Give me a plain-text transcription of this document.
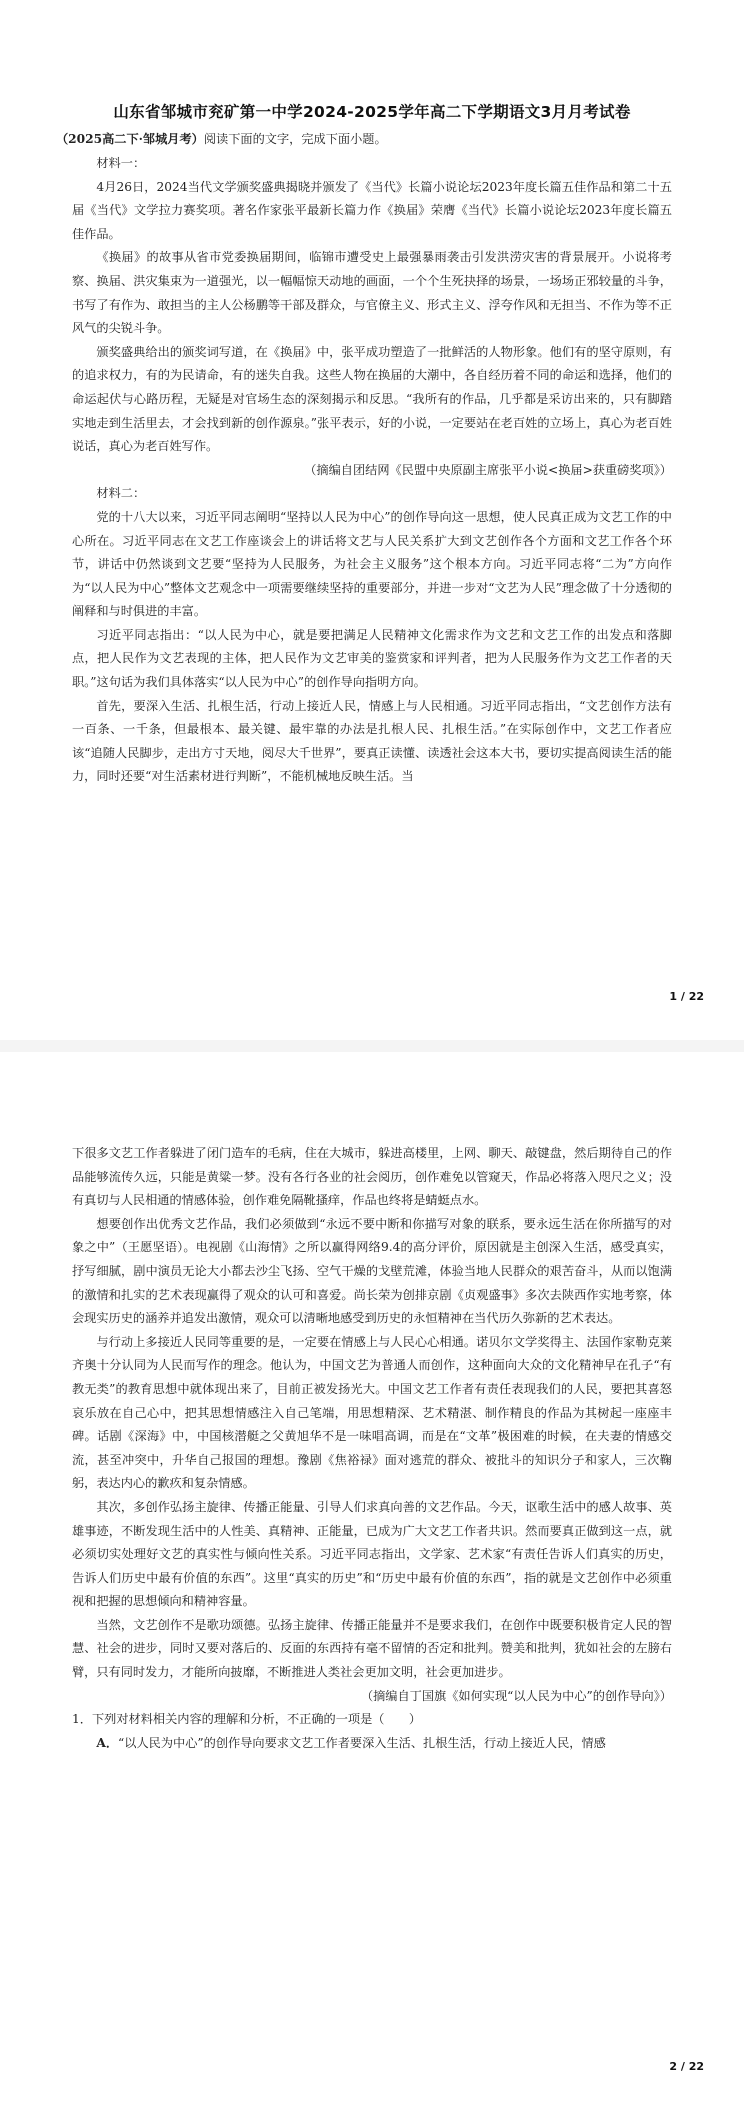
山东省邹城市兖矿第一中学2024-2025学年高二下学期语文3月月考试卷

（2025高二下·邹城月考）阅读下面的文字，完成下面小题。

材料一：

4月26日，2024当代文学颁奖盛典揭晓并颁发了《当代》长篇小说论坛2023年度长篇五佳作品和第二十五届《当代》文学拉力赛奖项。著名作家张平最新长篇力作《换届》荣膺《当代》长篇小说论坛2023年度长篇五佳作品。

《换届》的故事从省市党委换届期间，临锦市遭受史上最强暴雨袭击引发洪涝灾害的背景展开。小说将考察、换届、洪灾集束为一道强光，以一幅幅惊天动地的画面，一个个生死抉择的场景，一场场正邪较量的斗争，书写了有作为、敢担当的主人公杨鹏等干部及群众，与官僚主义、形式主义、浮夸作风和无担当、不作为等不正风气的尖锐斗争。

颁奖盛典给出的颁奖词写道，在《换届》中，张平成功塑造了一批鲜活的人物形象。他们有的坚守原则，有的追求权力，有的为民请命，有的迷失自我。这些人物在换届的大潮中，各自经历着不同的命运和选择，他们的命运起伏与心路历程，无疑是对官场生态的深刻揭示和反思。“我所有的作品，几乎都是采访出来的，只有脚踏实地走到生活里去，才会找到新的创作源泉。”张平表示，好的小说，一定要站在老百姓的立场上，真心为老百姓说话，真心为老百姓写作。

（摘编自团结网《民盟中央原副主席张平小说<换届>获重磅奖项》）

材料二：

党的十八大以来，习近平同志阐明“坚持以人民为中心”的创作导向这一思想，使人民真正成为文艺工作的中心所在。习近平同志在文艺工作座谈会上的讲话将文艺与人民关系扩大到文艺创作各个方面和文艺工作各个环节，讲话中仍然谈到文艺要“坚持为人民服务，为社会主义服务”这个根本方向。习近平同志将“二为”方向作为“以人民为中心”整体文艺观念中一项需要继续坚持的重要部分，并进一步对“文艺为人民”理念做了十分透彻的阐释和与时俱进的丰富。

习近平同志指出：“以人民为中心，就是要把满足人民精神文化需求作为文艺和文艺工作的出发点和落脚点，把人民作为文艺表现的主体，把人民作为文艺审美的鉴赏家和评判者，把为人民服务作为文艺工作者的天职。”这句话为我们具体落实“以人民为中心”的创作导向指明方向。

首先，要深入生活、扎根生活，行动上接近人民，情感上与人民相通。习近平同志指出，“文艺创作方法有一百条、一千条，但最根本、最关键、最牢靠的办法是扎根人民、扎根生活。”在实际创作中，文艺工作者应该“追随人民脚步，走出方寸天地，阅尽大千世界”，要真正读懂、读透社会这本大书，要切实提高阅读生活的能力，同时还要“对生活素材进行判断”，不能机械地反映生活。当

1 / 22

下很多文艺工作者躲进了闭门造车的毛病，住在大城市，躲进高楼里，上网、聊天、敲键盘，然后期待自己的作品能够流传久远，只能是黄粱一梦。没有各行各业的社会阅历，创作难免以管窥天，作品必将落入咫尺之义；没有真切与人民相通的情感体验，创作难免隔靴搔痒，作品也终将是蜻蜓点水。

想要创作出优秀文艺作品，我们必须做到“永远不要中断和你描写对象的联系，要永远生活在你所描写的对象之中”（王愿坚语）。电视剧《山海情》之所以赢得网络9.4的高分评价，原因就是主创深入生活，感受真实，抒写细腻，剧中演员无论大小都去沙尘飞扬、空气干燥的戈壁荒滩，体验当地人民群众的艰苦奋斗，从而以饱满的激情和扎实的艺术表现赢得了观众的认可和喜爱。尚长荣为创排京剧《贞观盛事》多次去陕西作实地考察，体会现实历史的涵养并追发出激情，观众可以清晰地感受到历史的永恒精神在当代历久弥新的艺术表达。

与行动上多接近人民同等重要的是，一定要在情感上与人民心心相通。诺贝尔文学奖得主、法国作家勒克莱齐奥十分认同为人民而写作的理念。他认为，中国文艺为普通人而创作，这种面向大众的文化精神早在孔子“有教无类”的教育思想中就体现出来了，目前正被发扬光大。中国文艺工作者有责任表现我们的人民，要把其喜怒哀乐放在自己心中，把其思想情感注入自己笔端，用思想精深、艺术精湛、制作精良的作品为其树起一座座丰碑。话剧《深海》中，中国核潜艇之父黄旭华不是一味唱高调，而是在“文革”极困难的时候，在夫妻的情感交流，甚至冲突中，升华自己报国的理想。豫剧《焦裕禄》面对逃荒的群众、被批斗的知识分子和家人，三次鞠躬，表达内心的歉疚和复杂情感。

其次，多创作弘扬主旋律、传播正能量、引导人们求真向善的文艺作品。今天，讴歌生活中的感人故事、英雄事迹，不断发现生活中的人性美、真精神、正能量，已成为广大文艺工作者共识。然而要真正做到这一点，就必须切实处理好文艺的真实性与倾向性关系。习近平同志指出，文学家、艺术家“有责任告诉人们真实的历史，告诉人们历史中最有价值的东西”。这里“真实的历史”和“历史中最有价值的东西”，指的就是文艺创作中必须重视和把握的思想倾向和精神容量。

当然，文艺创作不是歌功颂德。弘扬主旋律、传播正能量并不是要求我们，在创作中既要积极肯定人民的智慧、社会的进步，同时又要对落后的、反面的东西持有毫不留情的否定和批判。赞美和批判，犹如社会的左膀右臂，只有同时发力，才能所向披靡，不断推进人类社会更加文明，社会更加进步。

（摘编自丁国旗《如何实现“以人民为中心”的创作导向》）

1．下列对材料相关内容的理解和分析，不正确的一项是（　　）

A．“以人民为中心”的创作导向要求文艺工作者要深入生活、扎根生活，行动上接近人民，情感

2 / 22
